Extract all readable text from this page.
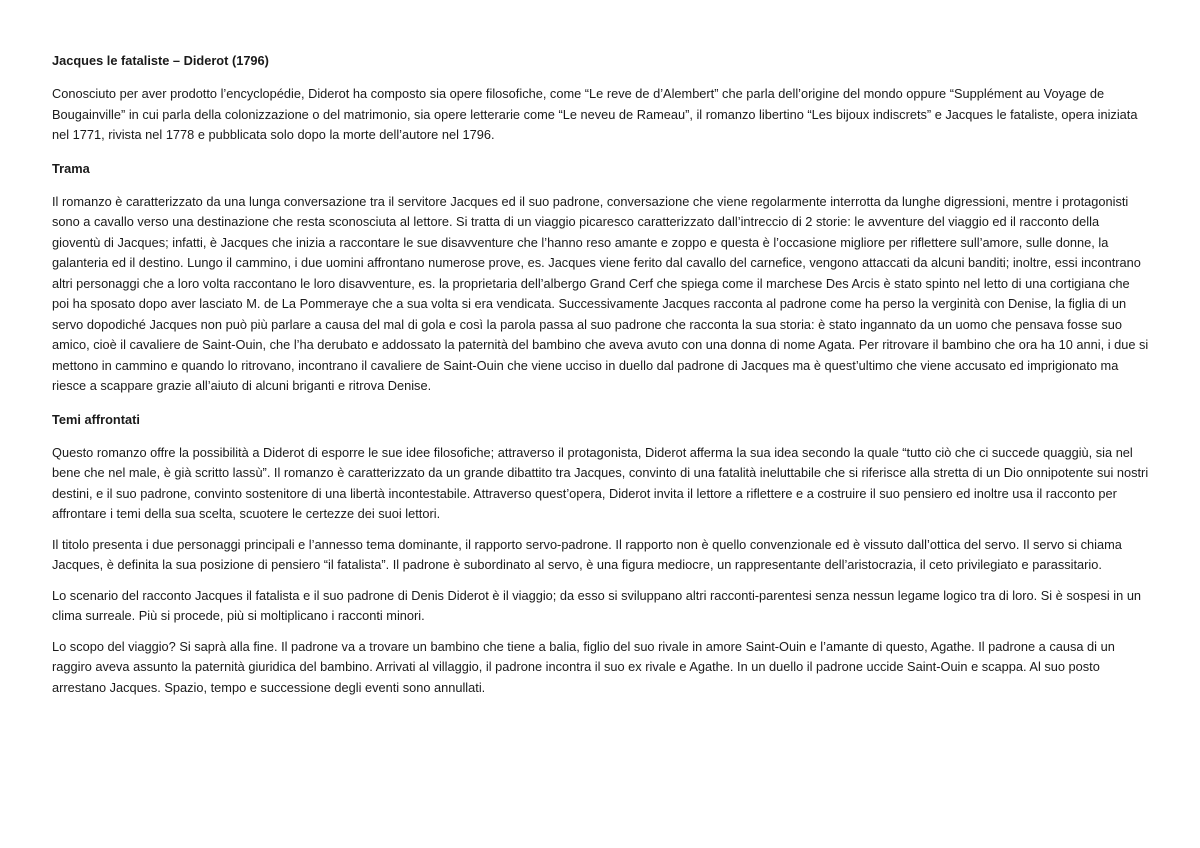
Jacques le fataliste – Diderot (1796)

Conosciuto per aver prodotto l’encyclopédie, Diderot ha composto sia opere filosofiche, come “Le reve de d’Alembert” che parla dell’origine del mondo oppure “Supplément au Voyage de Bougainville” in cui parla della colonizzazione o del matrimonio, sia opere letterarie come “Le neveu de Rameau”, il romanzo libertino “Les bijoux indiscrets” e Jacques le fataliste, opera iniziata nel 1771, rivista nel 1778 e pubblicata solo dopo la morte dell’autore nel 1796.

Trama

Il romanzo è caratterizzato da una lunga conversazione tra il servitore Jacques ed il suo padrone, conversazione che viene regolarmente interrotta da lunghe digressioni, mentre i protagonisti sono a cavallo verso una destinazione che resta sconosciuta al lettore. Si tratta di un viaggio picaresco caratterizzato dall’intreccio di 2 storie: le avventure del viaggio ed il racconto della gioventù di Jacques; infatti, è Jacques che inizia a raccontare le sue disavventure che l’hanno reso amante e zoppo e questa è l’occasione migliore per riflettere sull’amore, sulle donne, la galanteria ed il destino. Lungo il cammino, i due uomini affrontano numerose prove, es. Jacques viene ferito dal cavallo del carnefice, vengono attaccati da alcuni banditi; inoltre, essi incontrano altri personaggi che a loro volta raccontano le loro disavventure, es. la proprietaria dell’albergo Grand Cerf che spiega come il marchese Des Arcis è stato spinto nel letto di una cortigiana che poi ha sposato dopo aver lasciato M. de La Pommeraye che a sua volta si era vendicata. Successivamente Jacques racconta al padrone come ha perso la verginità con Denise, la figlia di un servo dopodiché Jacques non può più parlare a causa del mal di gola e così la parola passa al suo padrone che racconta la sua storia: è stato ingannato da un uomo che pensava fosse suo amico, cioè il cavaliere de Saint-Ouin, che l’ha derubato e addossato la paternità del bambino che aveva avuto con una donna di nome Agata. Per ritrovare il bambino che ora ha 10 anni, i due si mettono in cammino e quando lo ritrovano, incontrano il cavaliere de Saint-Ouin che viene ucciso in duello dal padrone di Jacques ma è quest’ultimo che viene accusato ed imprigionato ma riesce a scappare grazie all’aiuto di alcuni briganti e ritrova Denise.

Temi affrontati

Questo romanzo offre la possibilità a Diderot di esporre le sue idee filosofiche; attraverso il protagonista, Diderot afferma la sua idea secondo la quale “tutto ciò che ci succede quaggiù, sia nel bene che nel male, è già scritto lassù”. Il romanzo è caratterizzato da un grande dibattito tra Jacques, convinto di una fatalità ineluttabile che si riferisce alla stretta di un Dio onnipotente sui nostri destini, e il suo padrone, convinto sostenitore di una libertà incontestabile. Attraverso quest’opera, Diderot invita il lettore a riflettere e a costruire il suo pensiero ed inoltre usa il racconto per affrontare i temi della sua scelta, scuotere le certezze dei suoi lettori.

Il titolo presenta i due personaggi principali e l’annesso tema dominante, il rapporto servo-padrone. Il rapporto non è quello convenzionale ed è vissuto dall’ottica del servo. Il servo si chiama Jacques, è definita la sua posizione di pensiero “il fatalista”. Il padrone è subordinato al servo, è una figura mediocre, un rappresentante dell’aristocrazia, il ceto privilegiato e parassitario.

Lo scenario del racconto Jacques il fatalista e il suo padrone di Denis Diderot è il viaggio; da esso si sviluppano altri racconti-parentesi senza nessun legame logico tra di loro. Si è sospesi in un clima surreale. Più si procede, più si moltiplicano i racconti minori.

Lo scopo del viaggio? Si saprà alla fine. Il padrone va a trovare un bambino che tiene a balia, figlio del suo rivale in amore Saint-Ouin e l’amante di questo, Agathe. Il padrone a causa di un raggiro aveva assunto la paternità giuridica del bambino. Arrivati al villaggio, il padrone incontra il suo ex rivale e Agathe. In un duello il padrone uccide Saint-Ouin e scappa. Al suo posto arrestano Jacques. Spazio, tempo e successione degli eventi sono annullati.
